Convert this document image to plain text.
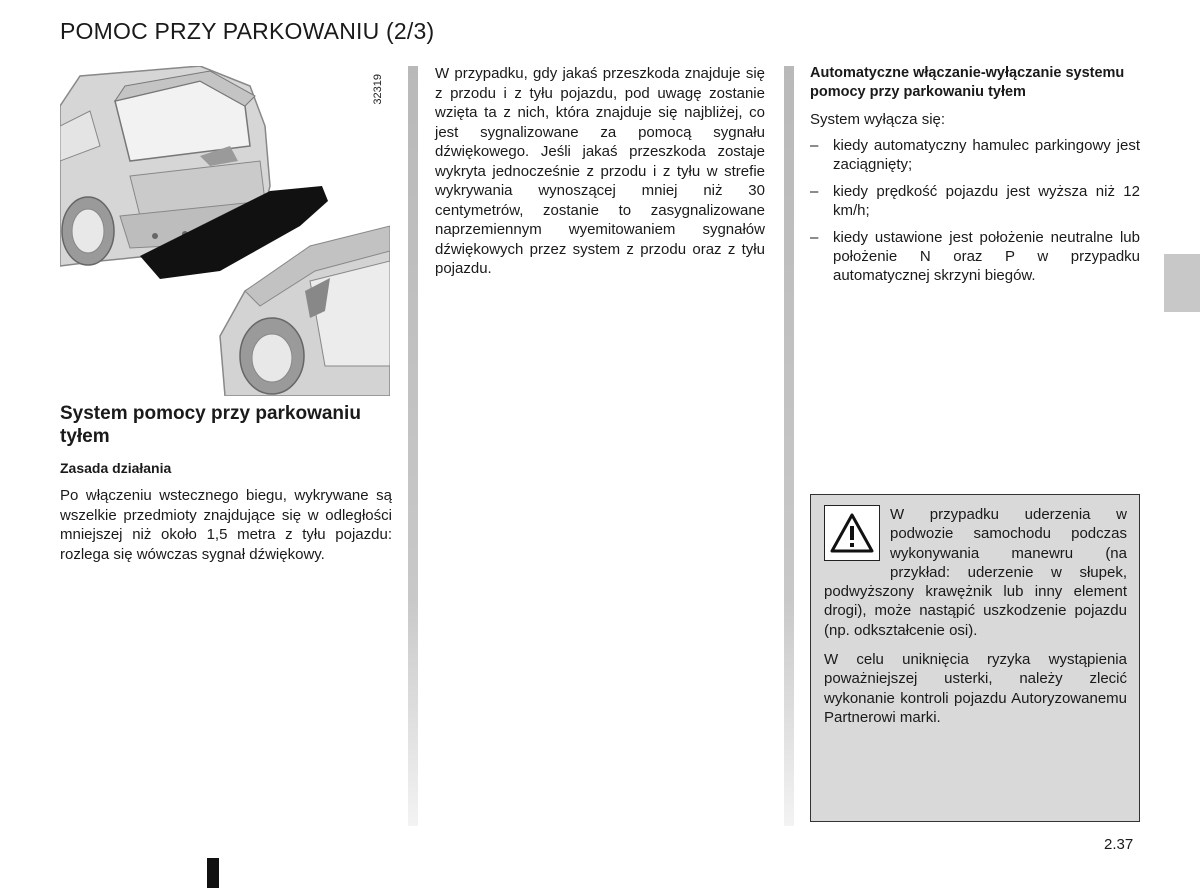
POMOC PRZY PARKOWANIU (2/3)
32319
System pomocy przy parkowaniu tyłem
Zasada działania

Po włączeniu wstecznego biegu, wykrywane są wszelkie przedmioty znajdujące się w odległości mniejszej niż około 1,5 metra z tyłu pojazdu: rozlega się wówczas sygnał dźwiękowy.

W przypadku, gdy jakaś przeszkoda znajduje się z przodu i z tyłu pojazdu, pod uwagę zostanie wzięta ta z nich, która znajduje się najbliżej, co jest sygnalizowane za pomocą sygnału dźwiękowego. Jeśli jakaś przeszkoda zostaje wykryta jednocześnie z przodu i z tyłu w strefie wykrywania wynoszącej mniej niż 30 centymetrów, zostanie to zasygnalizowane naprzemiennym wyemitowaniem sygnałów dźwiękowych przez system z przodu oraz z tyłu pojazdu.

Automatyczne włączanie-wyłączanie systemu pomocy przy parkowaniu tyłem

System wyłącza się:

– kiedy automatyczny hamulec parkingowy jest zaciągnięty;
– kiedy prędkość pojazdu jest wyższa niż 12 km/h;
– kiedy ustawione jest położenie neutralne lub położenie N oraz P w przypadku automatycznej skrzyni biegów.

W przypadku uderzenia w podwozie samochodu podczas wykonywania manewru (na przykład: uderzenie w słupek, podwyższony krawężnik lub inny element drogi), może nastąpić uszkodzenie pojazdu (np. odkształcenie osi).

W celu uniknięcia ryzyka wystąpienia poważniejszej usterki, należy zlecić wykonanie kontroli pojazdu Autoryzowanemu Partnerowi marki.

2.37
